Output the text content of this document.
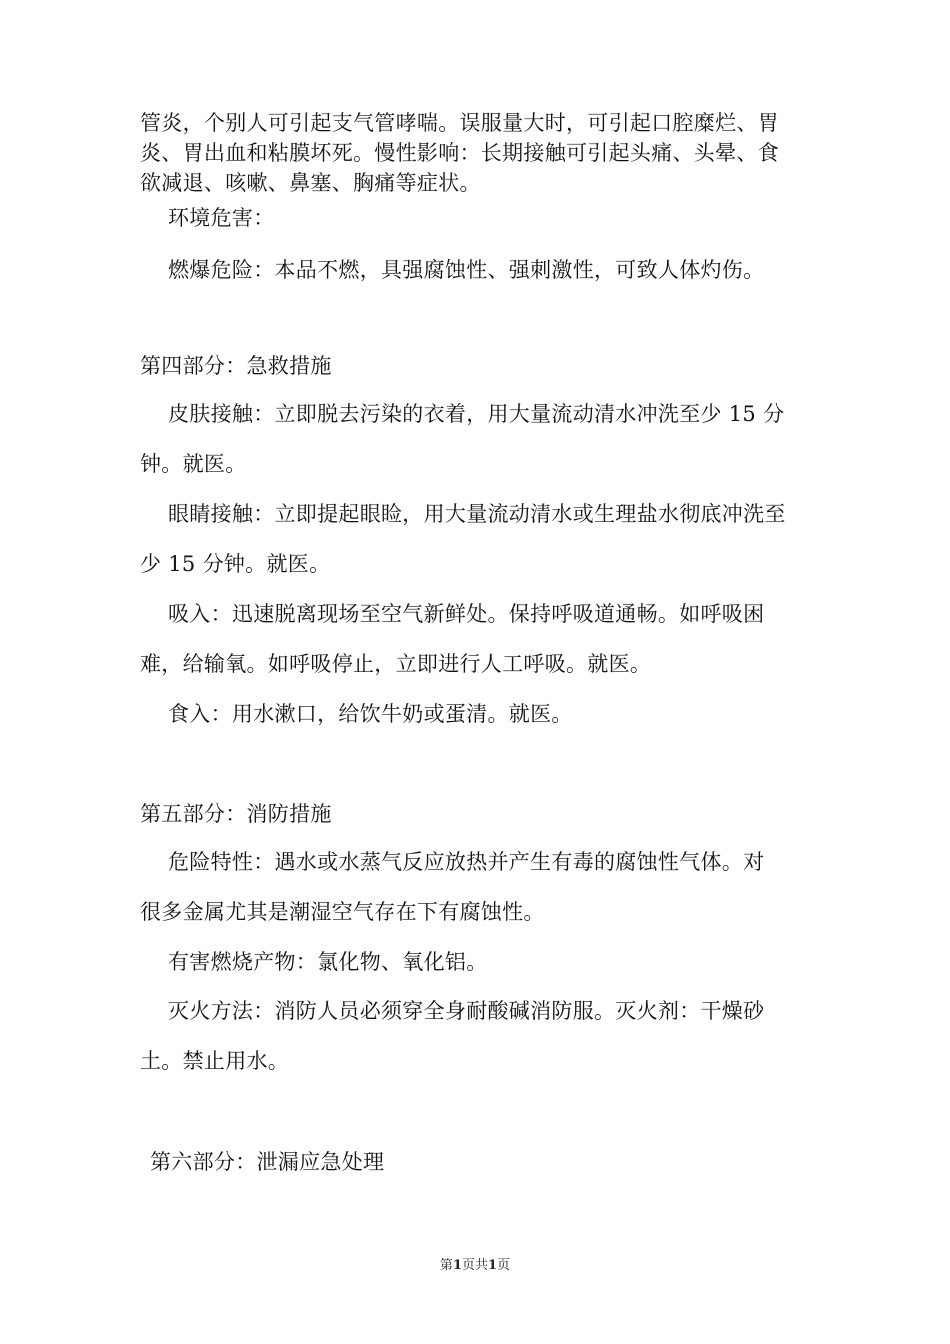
管炎，个别人可引起支气管哮喘。误服量大时，可引起口腔糜烂、胃
炎、胃出血和粘膜坏死。慢性影响：长期接触可引起头痛、头晕、食
欲减退、咳嗽、鼻塞、胸痛等症状。
环境危害：
燃爆危险：本品不燃，具强腐蚀性、强刺激性，可致人体灼伤。
第四部分：急救措施
皮肤接触：立即脱去污染的衣着，用大量流动清水冲洗至少 15 分
钟。就医。
眼睛接触：立即提起眼睑，用大量流动清水或生理盐水彻底冲洗至
少 15 分钟。就医。
吸入：迅速脱离现场至空气新鲜处。保持呼吸道通畅。如呼吸困
难，给输氧。如呼吸停止，立即进行人工呼吸。就医。
食入：用水漱口，给饮牛奶或蛋清。就医。
第五部分：消防措施
危险特性：遇水或水蒸气反应放热并产生有毒的腐蚀性气体。对
很多金属尤其是潮湿空气存在下有腐蚀性。
有害燃烧产物：氯化物、氧化铝。
灭火方法：消防人员必须穿全身耐酸碱消防服。灭火剂：干燥砂
土。禁止用水。
第六部分：泄漏应急处理
第1页共1页
